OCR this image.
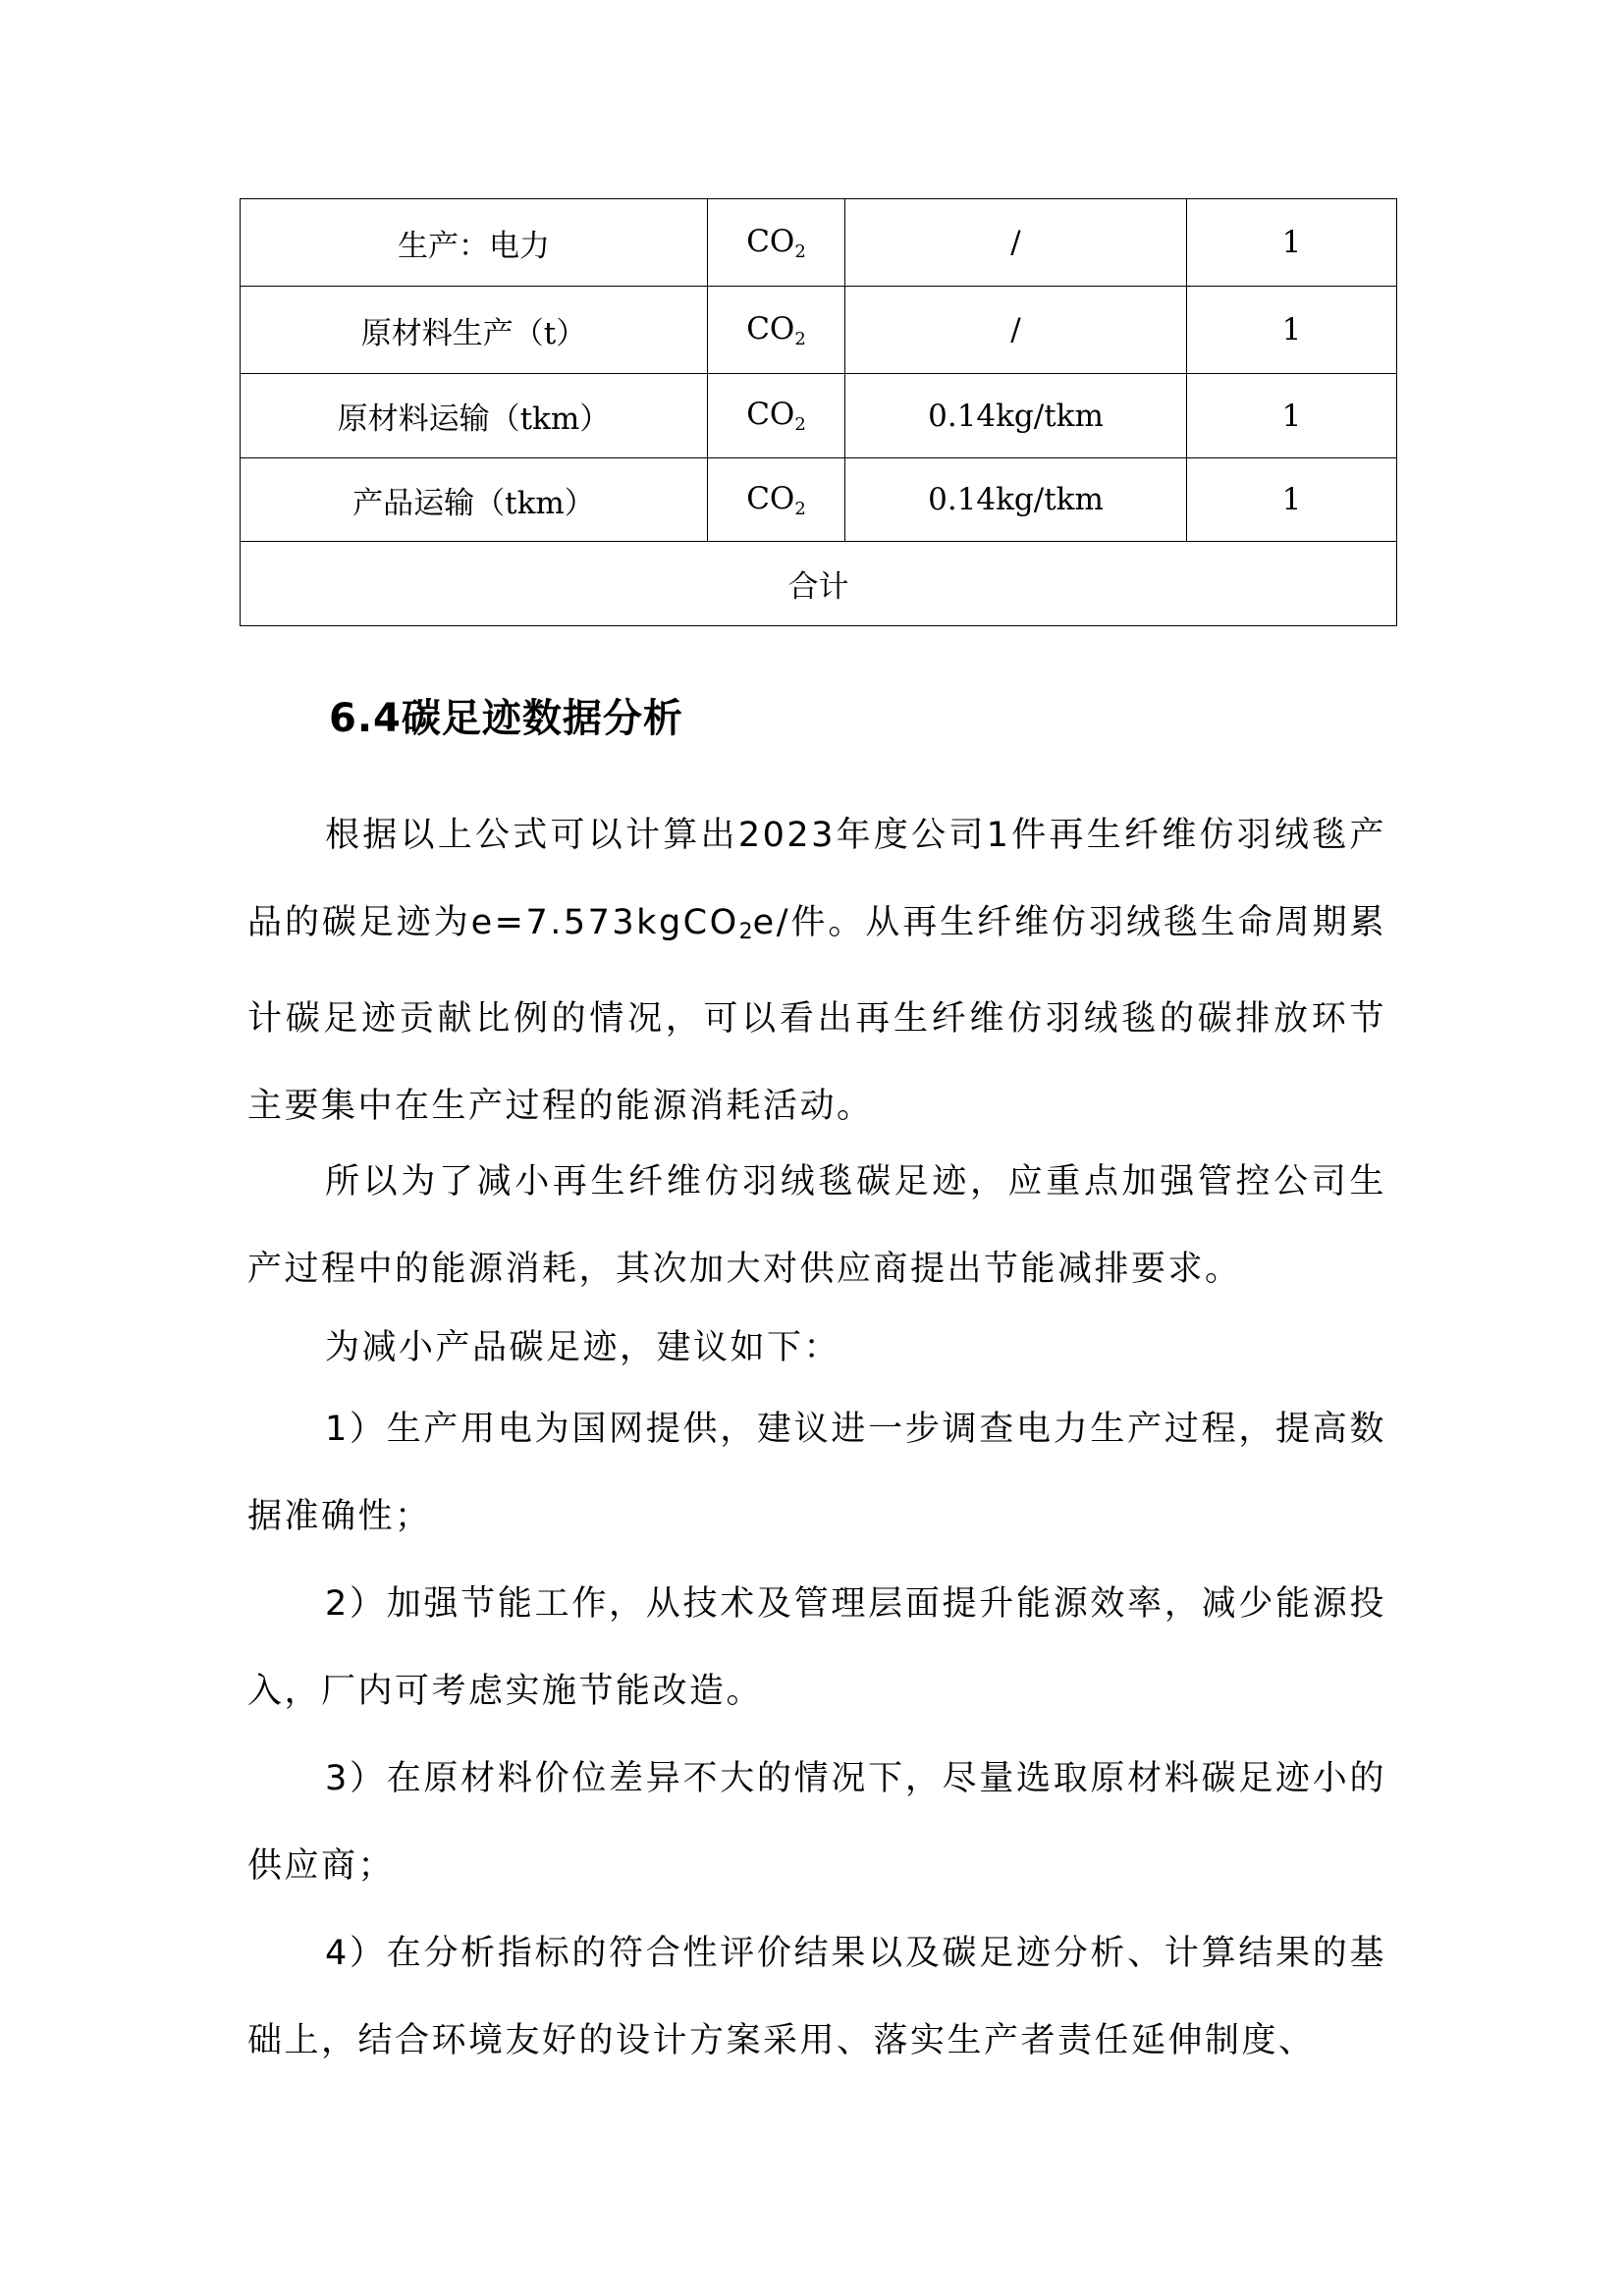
生产：电力	$CO_2$	/	1
原材料生产（t）	$CO_2$	/	1
原材料运输（tkm）	$CO_2$	0.14kg/tkm	1
产品运输（tkm）	$CO_2$	0.14kg/tkm	1
合计			
6.4碳足迹数据分析

根据以上公式可以计算出2023年度公司1件再生纤维仿羽绒毯产品的碳足迹为e=7.573kgCO$_2$e/件。从再生纤维仿羽绒毯生命周期累计碳足迹贡献比例的情况，可以看出再生纤维仿羽绒毯的碳排放环节主要集中在生产过程的能源消耗活动。

所以为了减小再生纤维仿羽绒毯碳足迹，应重点加强管控公司生产过程中的能源消耗，其次加大对供应商提出节能减排要求。

为减小产品碳足迹，建议如下：

1）生产用电为国网提供，建议进一步调查电力生产过程，提高数据准确性；

2）加强节能工作，从技术及管理层面提升能源效率，减少能源投入，厂内可考虑实施节能改造。

3）在原材料价位差异不大的情况下，尽量选取原材料碳足迹小的供应商；

4）在分析指标的符合性评价结果以及碳足迹分析、计算结果的基础上，结合环境友好的设计方案采用、落实生产者责任延伸制度、
